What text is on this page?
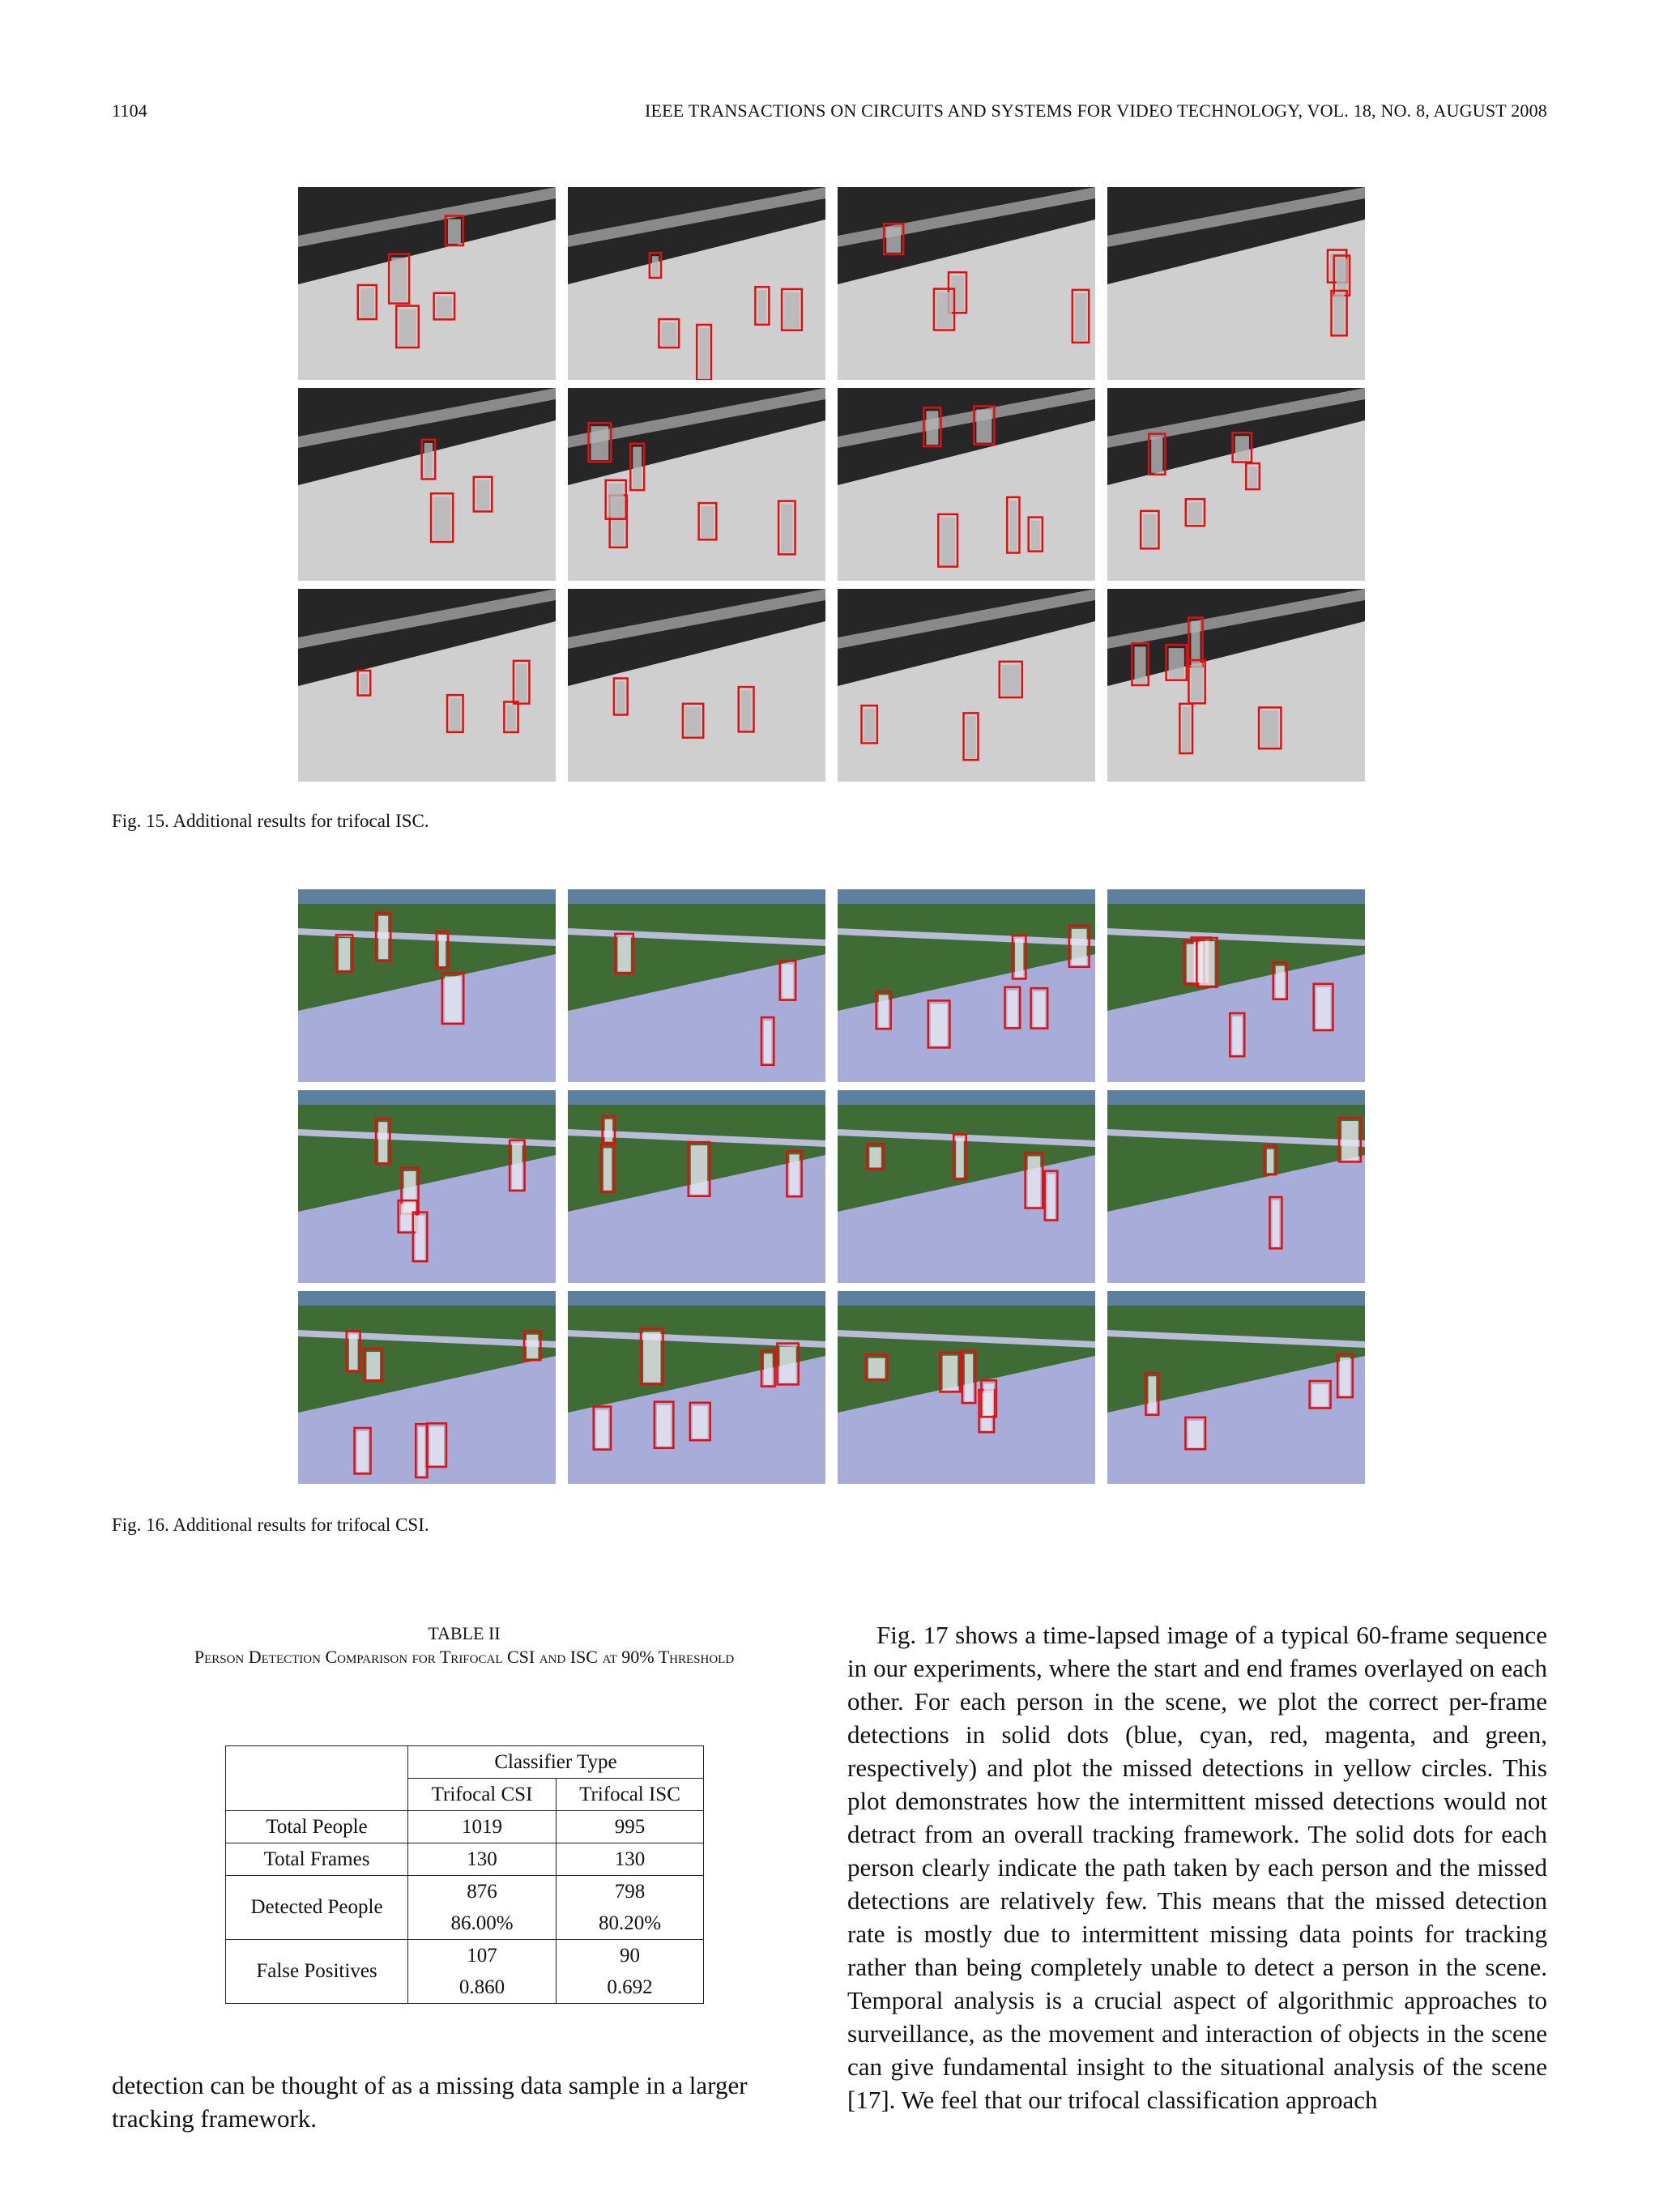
1104	IEEE TRANSACTIONS ON CIRCUITS AND SYSTEMS FOR VIDEO TECHNOLOGY, VOL. 18, NO. 8, AUGUST 2008
Fig. 15. Additional results for trifocal ISC.
Fig. 16. Additional results for trifocal CSI.
TABLE II
Person Detection Comparison for Trifocal CSI and ISC at 90% Threshold
	Classifier Type	
	Trifocal CSI	Trifocal ISC
Total People	1019	995
Total Frames	130	130
Detected People	876	798
	86.00%	80.20%
False Positives	107	90
	0.860	0.692
detection can be thought of as a missing data sample in a larger tracking framework.
Fig. 17 shows a time-lapsed image of a typical 60-frame sequence in our experiments, where the start and end frames overlayed on each other. For each person in the scene, we plot the correct per-frame detections in solid dots (blue, cyan, red, magenta, and green, respectively) and plot the missed detections in yellow circles. This plot demonstrates how the intermittent missed detections would not detract from an overall tracking framework. The solid dots for each person clearly indicate the path taken by each person and the missed detections are relatively few. This means that the missed detection rate is mostly due to intermittent missing data points for tracking rather than being completely unable to detect a person in the scene. Temporal analysis is a crucial aspect of algorithmic approaches to surveillance, as the movement and interaction of objects in the scene can give fundamental insight to the situational analysis of the scene [17]. We feel that our trifocal classification approach
